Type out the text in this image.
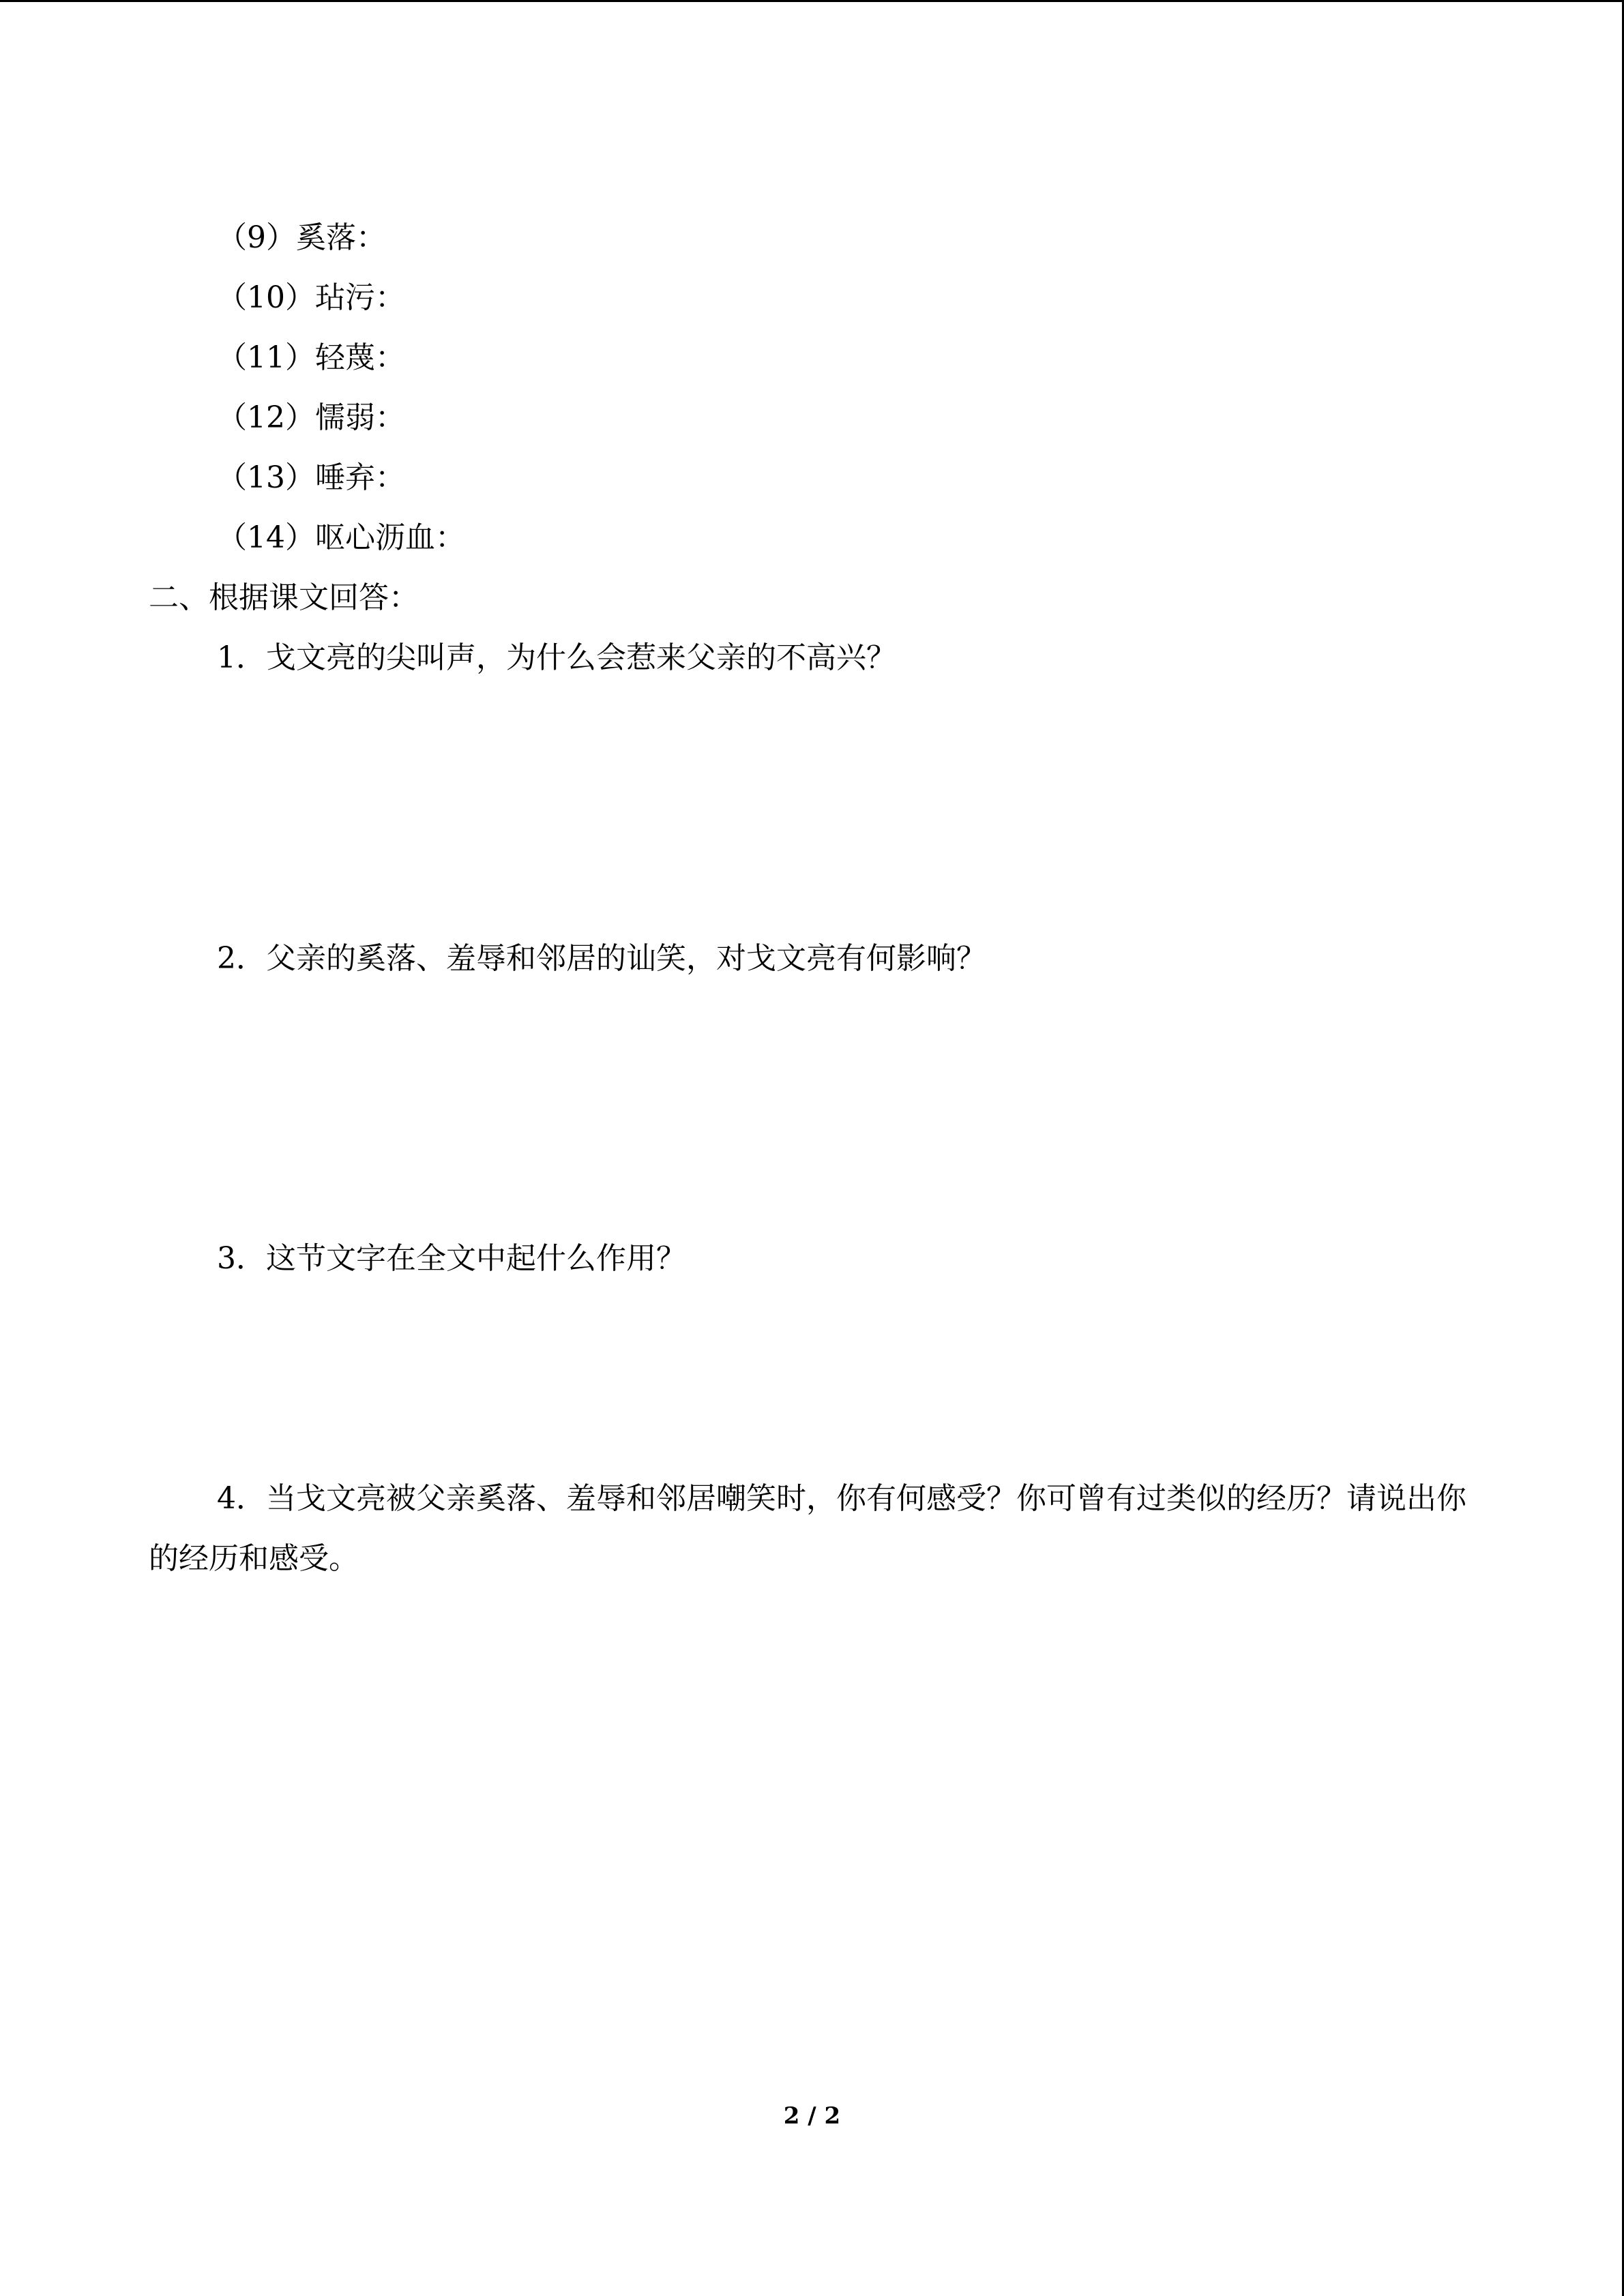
（9）奚落：
（10）玷污：
（11）轻蔑：
（12）懦弱：
（13）唾弃：
（14）呕心沥血：
二、根据课文回答：
1．戈文亮的尖叫声，为什么会惹来父亲的不高兴？
2．父亲的奚落、羞辱和邻居的讪笑，对戈文亮有何影响？
3．这节文字在全文中起什么作用？
4．当戈文亮被父亲奚落、羞辱和邻居嘲笑时，你有何感受？你可曾有过类似的经历？请说出你的经历和感受。
2 / 2
